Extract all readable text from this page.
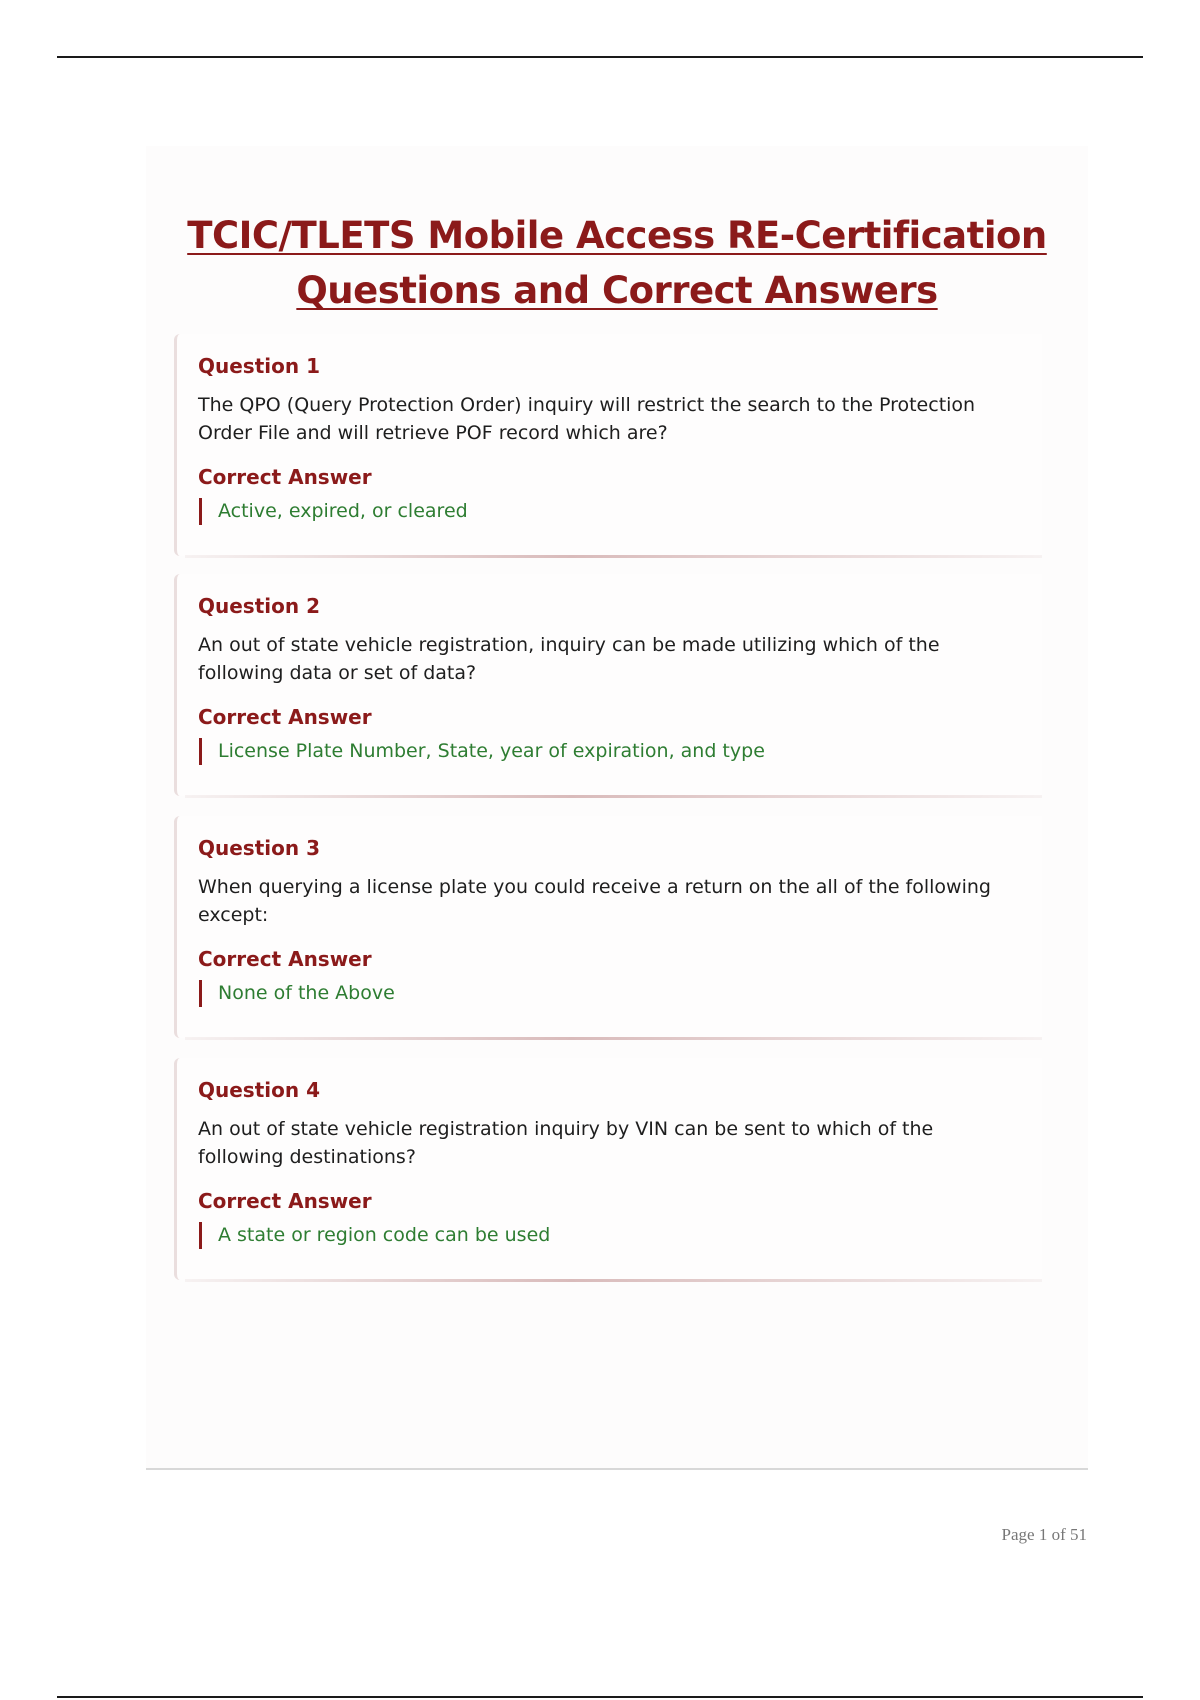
TCIC/TLETS Mobile Access RE-Certification
Questions and Correct Answers
Question 1
The QPO (Query Protection Order) inquiry will restrict the search to the Protection Order File and will retrieve POF record which are?
Correct Answer
Active, expired, or cleared
Question 2
An out of state vehicle registration, inquiry can be made utilizing which of the following data or set of data?
Correct Answer
License Plate Number, State, year of expiration, and type
Question 3
When querying a license plate you could receive a return on the all of the following except:
Correct Answer
None of the Above
Question 4
An out of state vehicle registration inquiry by VIN can be sent to which of the following destinations?
Correct Answer
A state or region code can be used
Page 1 of 51
